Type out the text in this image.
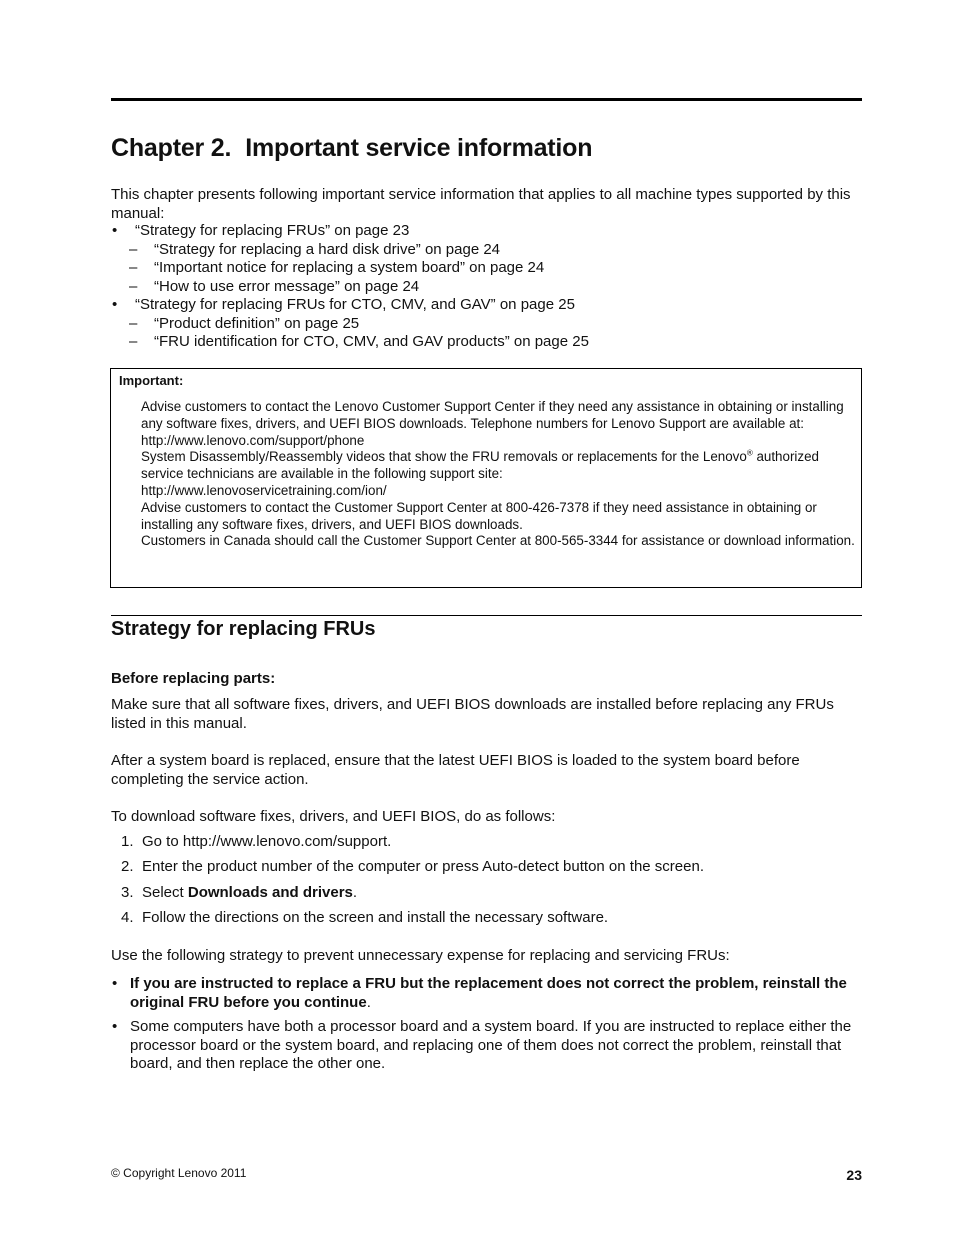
Chapter 2. Important service information

This chapter presents following important service information that applies to all machine types supported by this manual:

• “Strategy for replacing FRUs” on page 23
– “Strategy for replacing a hard disk drive” on page 24
– “Important notice for replacing a system board” on page 24
– “How to use error message” on page 24
• “Strategy for replacing FRUs for CTO, CMV, and GAV” on page 25
– “Product definition” on page 25
– “FRU identification for CTO, CMV, and GAV products” on page 25
Important:

Advise customers to contact the Lenovo Customer Support Center if they need any assistance in obtaining or installing any software fixes, drivers, and UEFI BIOS downloads. Telephone numbers for Lenovo Support are available at:

http://www.lenovo.com/support/phone

System Disassembly/Reassembly videos that show the FRU removals or replacements for the Lenovo® authorized service technicians are available in the following support site:

http://www.lenovoservicetraining.com/ion/

Advise customers to contact the Customer Support Center at 800-426-7378 if they need assistance in obtaining or installing any software fixes, drivers, and UEFI BIOS downloads.

Customers in Canada should call the Customer Support Center at 800-565-3344 for assistance or download information.

Strategy for replacing FRUs
Before replacing parts:

Make sure that all software fixes, drivers, and UEFI BIOS downloads are installed before replacing any FRUs listed in this manual.

After a system board is replaced, ensure that the latest UEFI BIOS is loaded to the system board before completing the service action.

To download software fixes, drivers, and UEFI BIOS, do as follows:

1. Go to http://www.lenovo.com/support.
2. Enter the product number of the computer or press Auto-detect button on the screen.
3. Select Downloads and drivers.
4. Follow the directions on the screen and install the necessary software.

Use the following strategy to prevent unnecessary expense for replacing and servicing FRUs:

• If you are instructed to replace a FRU but the replacement does not correct the problem, reinstall the original FRU before you continue.
• Some computers have both a processor board and a system board. If you are instructed to replace either the processor board or the system board, and replacing one of them does not correct the problem, reinstall that board, and then replace the other one.
© Copyright Lenovo 2011	23
